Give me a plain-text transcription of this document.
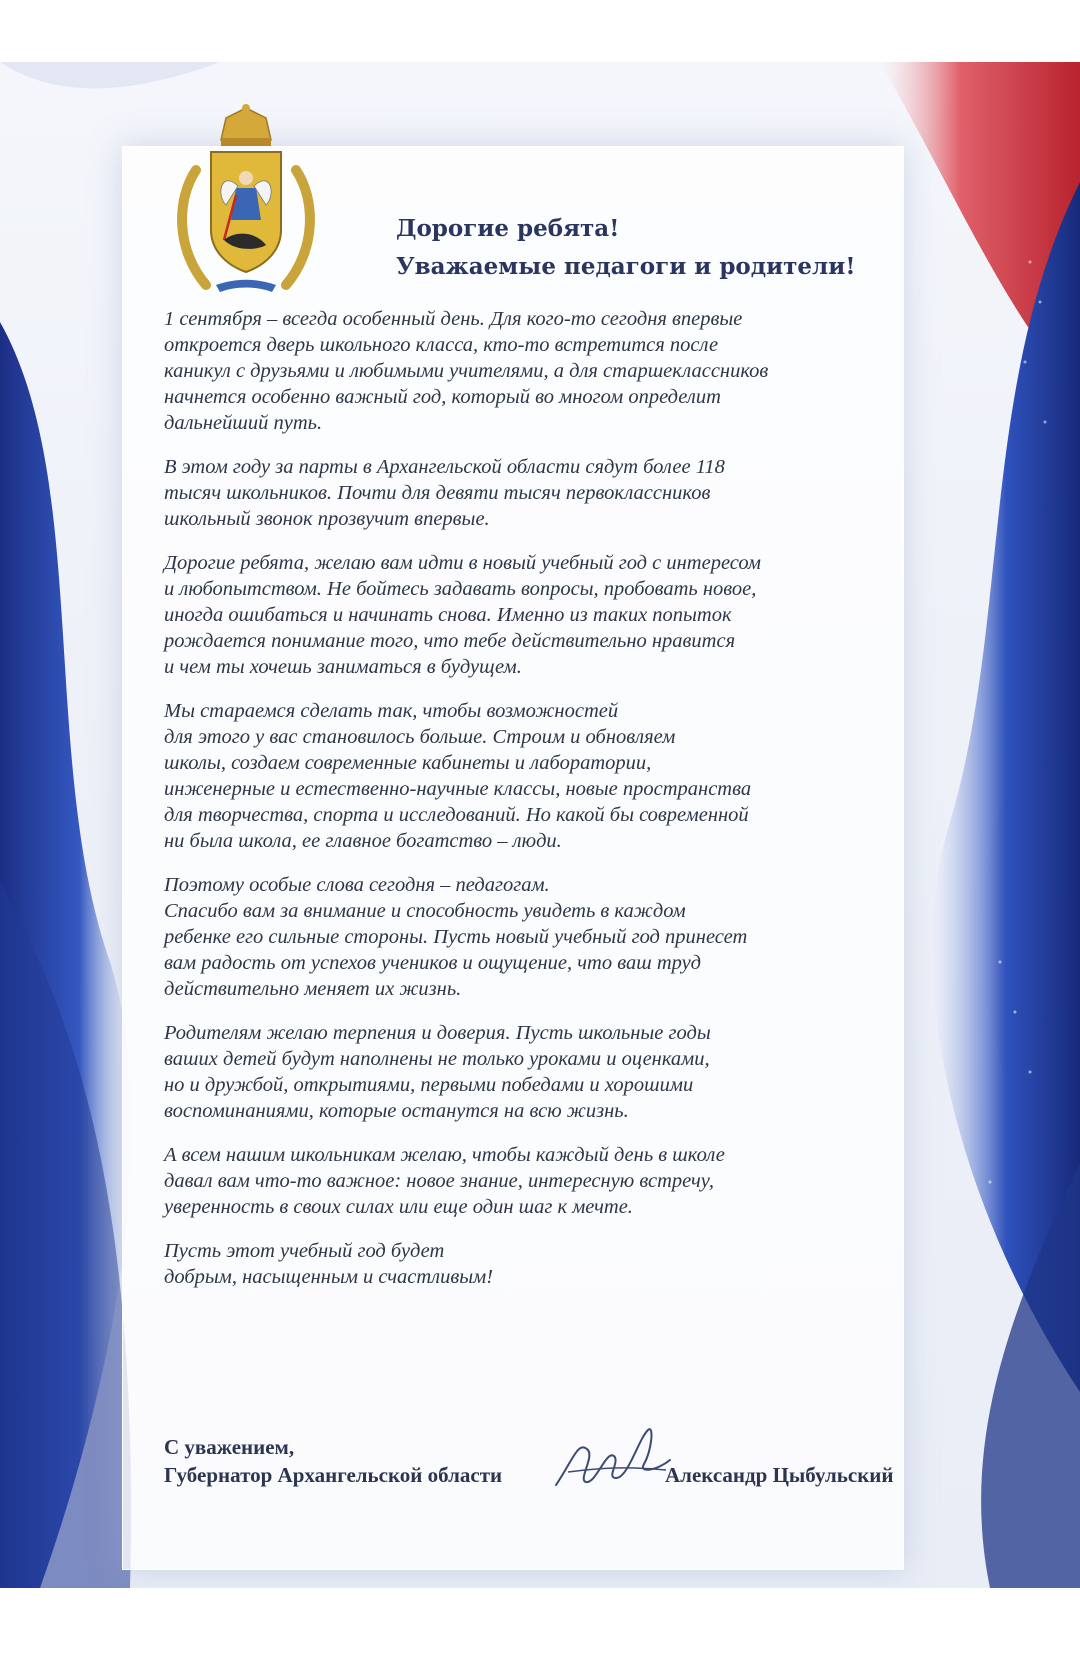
Дорогие ребята!
Уважаемые педагоги и родители!

1 сентября – всегда особенный день. Для кого-то сегодня впервые
откроется дверь школьного класса, кто-то встретится после
каникул с друзьями и любимыми учителями, а для старшеклассников
начнется особенно важный год, который во многом определит
дальнейший путь.

В этом году за парты в Архангельской области сядут более 118
тысяч школьников. Почти для девяти тысяч первоклассников
школьный звонок прозвучит впервые.

Дорогие ребята, желаю вам идти в новый учебный год с интересом
и любопытством. Не бойтесь задавать вопросы, пробовать новое,
иногда ошибаться и начинать снова. Именно из таких попыток
рождается понимание того, что тебе действительно нравится
и чем ты хочешь заниматься в будущем.

Мы стараемся сделать так, чтобы возможностей
для этого у вас становилось больше. Строим и обновляем
школы, создаем современные кабинеты и лаборатории,
инженерные и естественно-научные классы, новые пространства
для творчества, спорта и исследований. Но какой бы современной
ни была школа, ее главное богатство – люди.

Поэтому особые слова сегодня – педагогам.
Спасибо вам за внимание и способность увидеть в каждом
ребенке его сильные стороны. Пусть новый учебный год принесет
вам радость от успехов учеников и ощущение, что ваш труд
действительно меняет их жизнь.

Родителям желаю терпения и доверия. Пусть школьные годы
ваших детей будут наполнены не только уроками и оценками,
но и дружбой, открытиями, первыми победами и хорошими
воспоминаниями, которые останутся на всю жизнь.

А всем нашим школьникам желаю, чтобы каждый день в школе
давал вам что-то важное: новое знание, интересную встречу,
уверенность в своих силах или еще один шаг к мечте.

Пусть этот учебный год будет
добрым, насыщенным и счастливым!

С уважением,
Губернатор Архангельской области	Александр Цыбульский
